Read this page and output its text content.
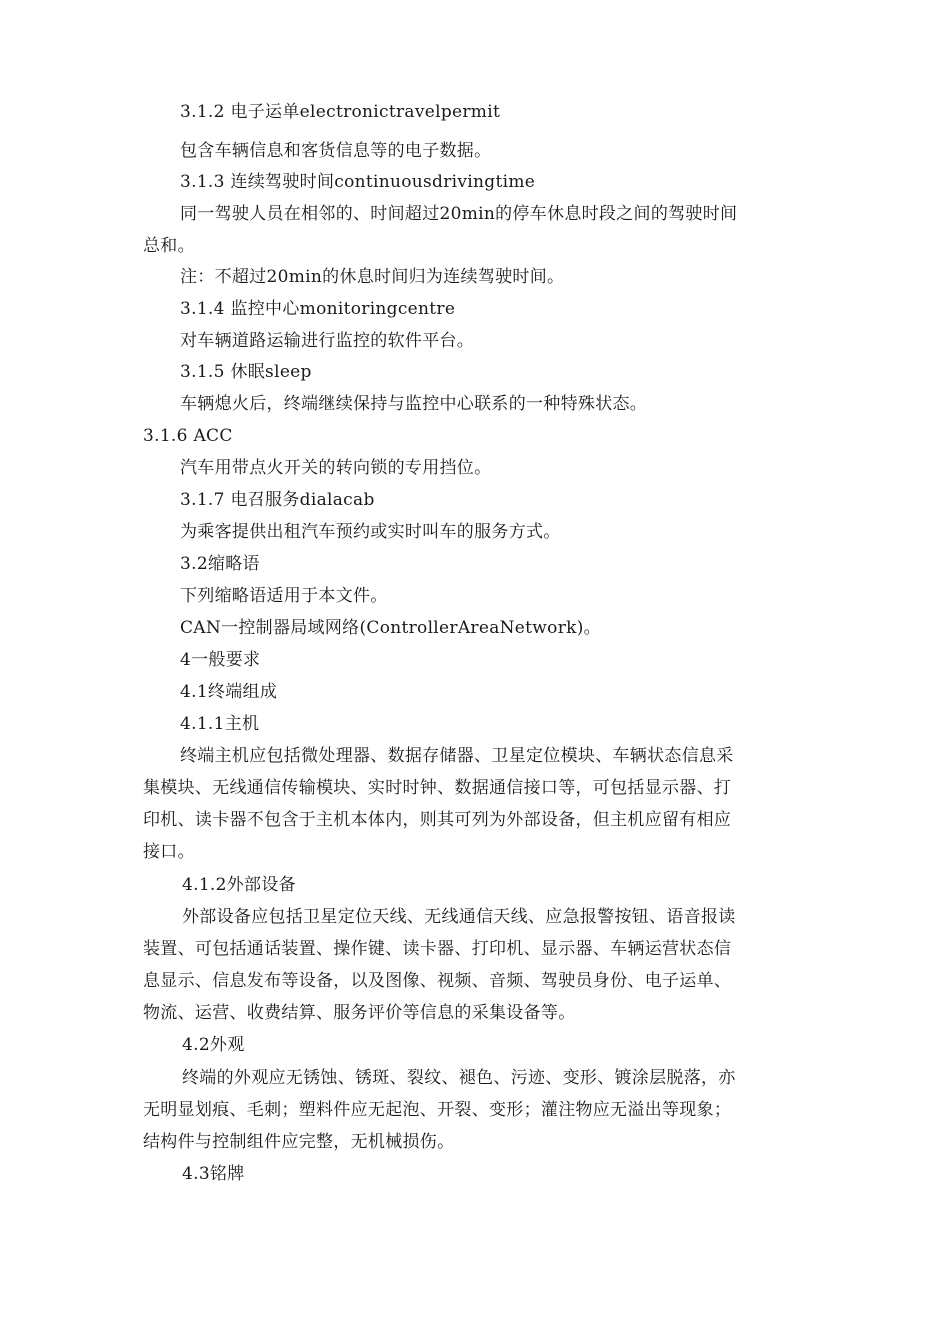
3.1.2 电子运单electronictravelpermit
包含车辆信息和客货信息等的电子数据。
3.1.3 连续驾驶时间continuousdrivingtime
同一驾驶人员在相邻的、时间超过20min的停车休息时段之间的驾驶时间
总和。
注：不超过20min的休息时间归为连续驾驶时间。
3.1.4 监控中心monitoringcentre
对车辆道路运输进行监控的软件平台。
3.1.5 休眠sleep
车辆熄火后，终端继续保持与监控中心联系的一种特殊状态。
3.1.6 ACC
汽车用带点火开关的转向锁的专用挡位。
3.1.7 电召服务dialacab
为乘客提供出租汽车预约或实时叫车的服务方式。
3.2缩略语
下列缩略语适用于本文件。
CAN一控制器局域网络(ControllerAreaNetwork)。
4一般要求
4.1终端组成
4.1.1主机
终端主机应包括微处理器、数据存储器、卫星定位模块、车辆状态信息采
集模块、无线通信传输模块、实时时钟、数据通信接口等，可包括显示器、打
印机、读卡器不包含于主机本体内，则其可列为外部设备，但主机应留有相应
接口。
4.1.2外部设备
外部设备应包括卫星定位天线、无线通信天线、应急报警按钮、语音报读
装置、可包括通话装置、操作键、读卡器、打印机、显示器、车辆运营状态信
息显示、信息发布等设备，以及图像、视频、音频、驾驶员身份、电子运单、
物流、运营、收费结算、服务评价等信息的采集设备等。
4.2外观
终端的外观应无锈蚀、锈斑、裂纹、褪色、污迹、变形、镀涂层脱落，亦
无明显划痕、毛刺；塑料件应无起泡、开裂、变形；灌注物应无溢出等现象；
结构件与控制组件应完整，无机械损伤。
4.3铭牌
